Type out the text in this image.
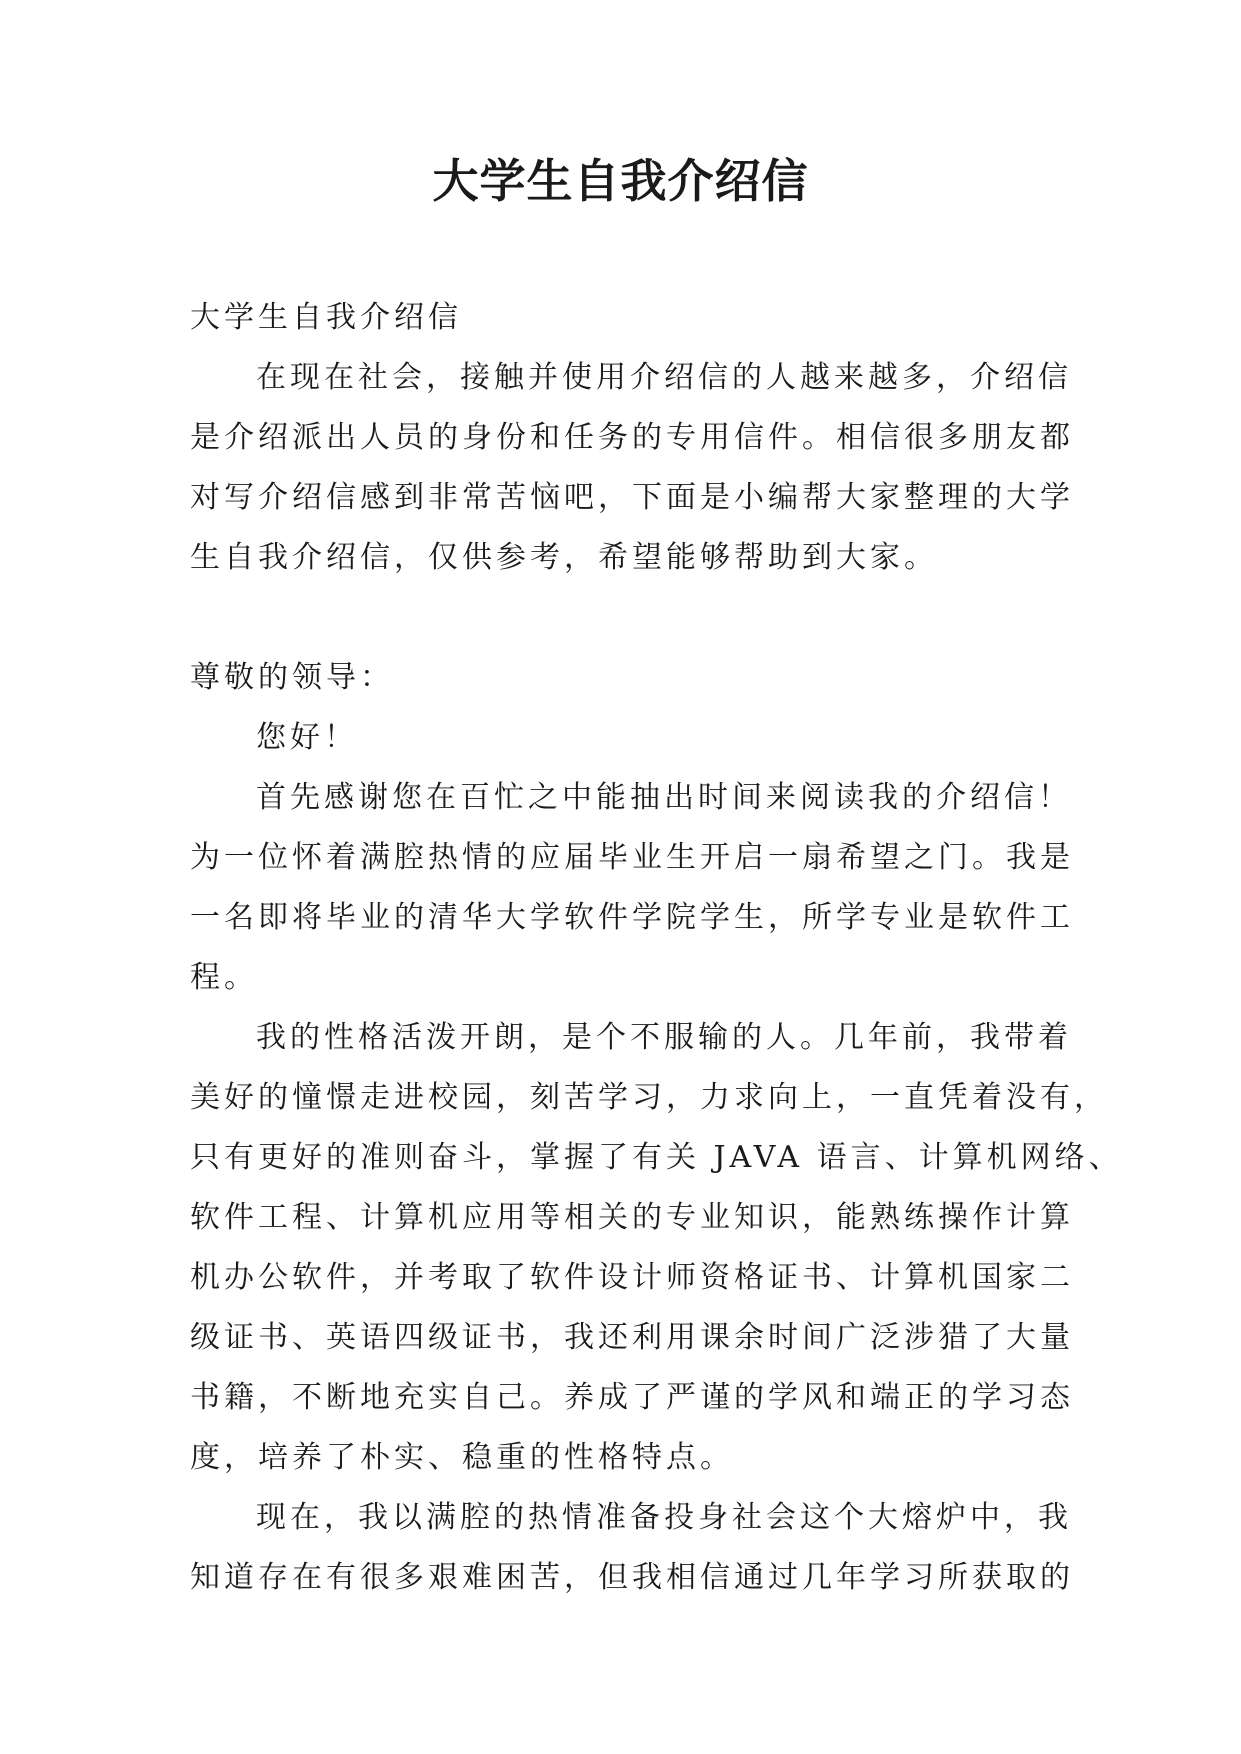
大学生自我介绍信
大学生自我介绍信
在现在社会，接触并使用介绍信的人越来越多，介绍信
是介绍派出人员的身份和任务的专用信件。相信很多朋友都
对写介绍信感到非常苦恼吧，下面是小编帮大家整理的大学
生自我介绍信，仅供参考，希望能够帮助到大家。
尊敬的领导：
您好！
首先感谢您在百忙之中能抽出时间来阅读我的介绍信！
为一位怀着满腔热情的应届毕业生开启一扇希望之门。我是
一名即将毕业的清华大学软件学院学生，所学专业是软件工
程。
我的性格活泼开朗，是个不服输的人。几年前，我带着
美好的憧憬走进校园，刻苦学习，力求向上，一直凭着没有，
只有更好的准则奋斗，掌握了有关 JAVA 语言、计算机网络、
软件工程、计算机应用等相关的专业知识，能熟练操作计算
机办公软件，并考取了软件设计师资格证书、计算机国家二
级证书、英语四级证书，我还利用课余时间广泛涉猎了大量
书籍，不断地充实自己。养成了严谨的学风和端正的学习态
度，培养了朴实、稳重的性格特点。
现在，我以满腔的热情准备投身社会这个大熔炉中，我
知道存在有很多艰难困苦，但我相信通过几年学习所获取的
